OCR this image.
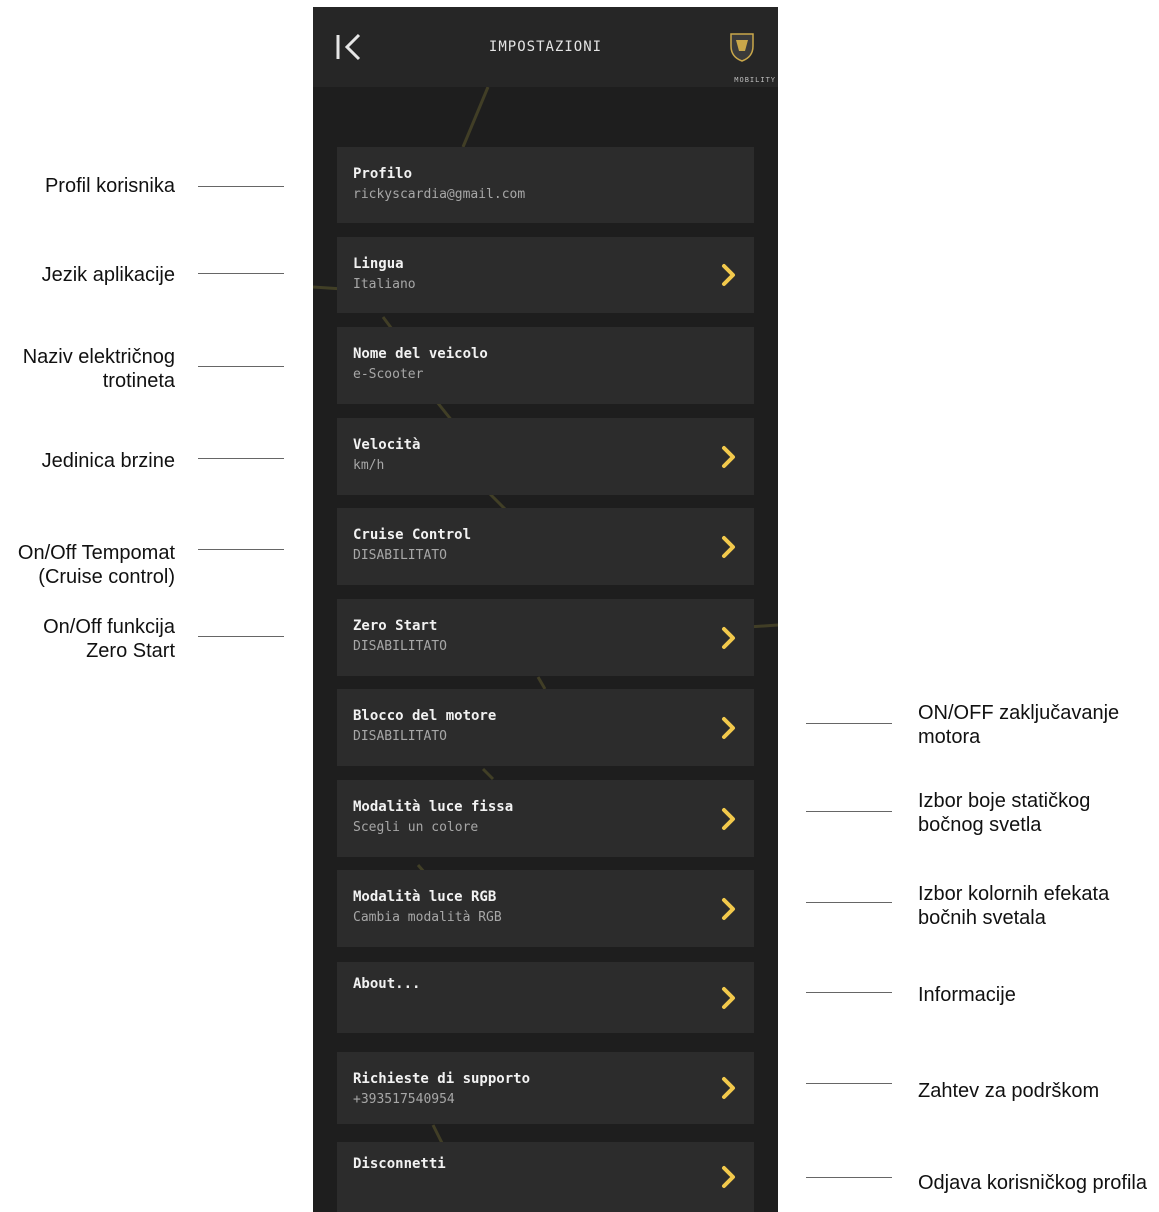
IMPOSTAZIONI
MOBILITY
Profilo
rickyscardia@gmail.com
Lingua
Italiano
Nome del veicolo
e-Scooter
Velocità
km/h
Cruise Control
DISABILITATO
Zero Start
DISABILITATO
Blocco del motore
DISABILITATO
Modalità luce fissa
Scegli un colore
Modalità luce RGB
Cambia modalità RGB
About...
Richieste di supporto
+393517540954
Disconnetti
Profil korisnika
Jezik aplikacije
Naziv električnog
trotineta
Jedinica brzine
On/Off Tempomat
(Cruise control)
On/Off funkcija
Zero Start
ON/OFF zaključavanje
motora
Izbor boje statičkog
bočnog svetla
Izbor kolornih efekata
bočnih svetala
Informacije
Zahtev za podrškom
Odjava korisničkog profila
